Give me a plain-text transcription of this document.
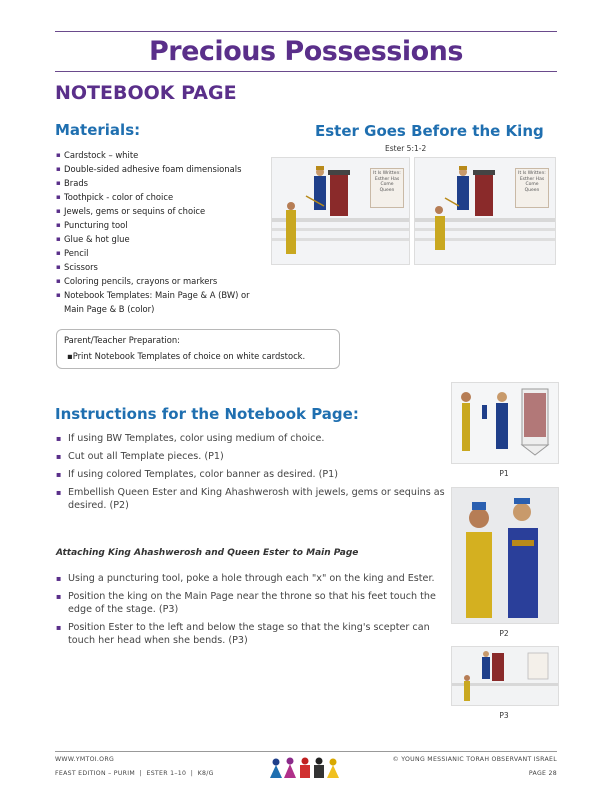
Precious Possessions
NOTEBOOK PAGE
Materials:
▪ Cardstock – white
▪ Double-sided adhesive foam dimensionals
▪ Brads
▪ Toothpick - color of choice
▪ Jewels, gems or sequins of choice
▪ Puncturing tool
▪ Glue & hot glue
▪ Pencil
▪ Scissors
▪ Coloring pencils, crayons or markers
▪ Notebook Templates: Main Page & A (BW) or Main Page & B (color)
Ester Goes Before the King
Ester 5:1-2
It Is Written: Esther Has Come Queen
It Is Written: Esther Has Come Queen
Parent/Teacher Preparation:
▪Print Notebook Templates of choice on white cardstock.
Instructions for the Notebook Page:
▪ If using BW Templates, color using medium of choice.
▪ Cut out all Template pieces. (P1)
▪ If using colored Templates, color banner as desired. (P1)
▪ Embellish Queen Ester and King Ahashwerosh with jewels, gems or sequins as desired. (P2)
Attaching King Ahashwerosh and Queen Ester to Main Page
▪ Using a puncturing tool, poke a hole through each "x" on the king and Ester.
▪ Position the king on the Main Page near the throne so that his feet touch the edge of the stage. (P3)
▪ Position Ester to the left and below the stage so that the king's scepter can touch her head when she bends. (P3)
P1
P2
P3
WWW.YMTOI.ORG
FEAST EDITION – PURIM  |  ESTER 1–10  |  K8/G
© YOUNG MESSIANIC TORAH OBSERVANT ISRAEL
PAGE 28
